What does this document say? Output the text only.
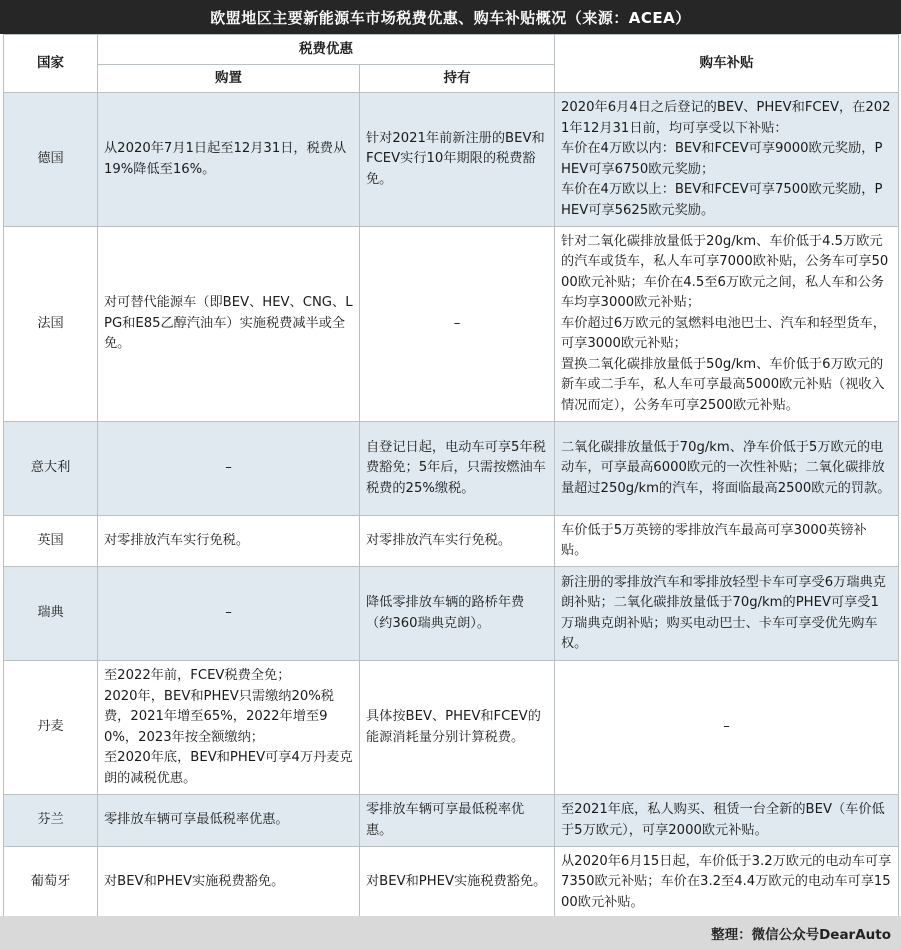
欧盟地区主要新能源车市场税费优惠、购车补贴概况（来源：ACEA）
国家	税费优惠		购车补贴
	购置	持有	
德国	从2020年7月1日起至12月31日，税费从19%降低至16%。	针对2021年前新注册的BEV和FCEV实行10年期限的税费豁免。	2020年6月4日之后登记的BEV、PHEV和FCEV，在2021年12月31日前，均可享受以下补贴：
车价在4万欧以内：BEV和FCEV可享9000欧元奖励，PHEV可享6750欧元奖励；
车价在4万欧以上：BEV和FCEV可享7500欧元奖励，PHEV可享5625欧元奖励。
法国	对可替代能源车（即BEV、HEV、CNG、LPG和E85乙醇汽油车）实施税费减半或全免。	–	针对二氧化碳排放量低于20g/km、车价低于4.5万欧元的汽车或货车，私人车可享7000欧补贴，公务车可享5000欧元补贴；车价在4.5至6万欧元之间，私人车和公务车均享3000欧元补贴；
车价超过6万欧元的氢燃料电池巴士、汽车和轻型货车，可享3000欧元补贴；
置换二氧化碳排放量低于50g/km、车价低于6万欧元的新车或二手车，私人车可享最高5000欧元补贴（视收入情况而定），公务车可享2500欧元补贴。
意大利	–	自登记日起，电动车可享5年税费豁免；5年后，只需按燃油车税费的25%缴税。	二氧化碳排放量低于70g/km、净车价低于5万欧元的电动车，可享最高6000欧元的一次性补贴；二氧化碳排放量超过250g/km的汽车，将面临最高2500欧元的罚款。
英国	对零排放汽车实行免税。	对零排放汽车实行免税。	车价低于5万英镑的零排放汽车最高可享3000英镑补贴。
瑞典	–	降低零排放车辆的路桥年费（约360瑞典克朗）。	新注册的零排放汽车和零排放轻型卡车可享受6万瑞典克朗补贴；二氧化碳排放量低于70g/km的PHEV可享受1万瑞典克朗补贴；购买电动巴士、卡车可享受优先购车权。
丹麦	至2022年前，FCEV税费全免；
2020年，BEV和PHEV只需缴纳20%税费，2021年增至65%，2022年增至90%，2023年按全额缴纳；
至2020年底，BEV和PHEV可享4万丹麦克朗的减税优惠。	具体按BEV、PHEV和FCEV的能源消耗量分别计算税费。	–
芬兰	零排放车辆可享最低税率优惠。	零排放车辆可享最低税率优惠。	至2021年底，私人购买、租赁一台全新的BEV（车价低于5万欧元），可享2000欧元补贴。
葡萄牙	对BEV和PHEV实施税费豁免。	对BEV和PHEV实施税费豁免。	从2020年6月15日起，车价低于3.2万欧元的电动车可享7350欧元补贴；车价在3.2至4.4万欧元的电动车可享1500欧元补贴。
整理：微信公众号DearAuto
